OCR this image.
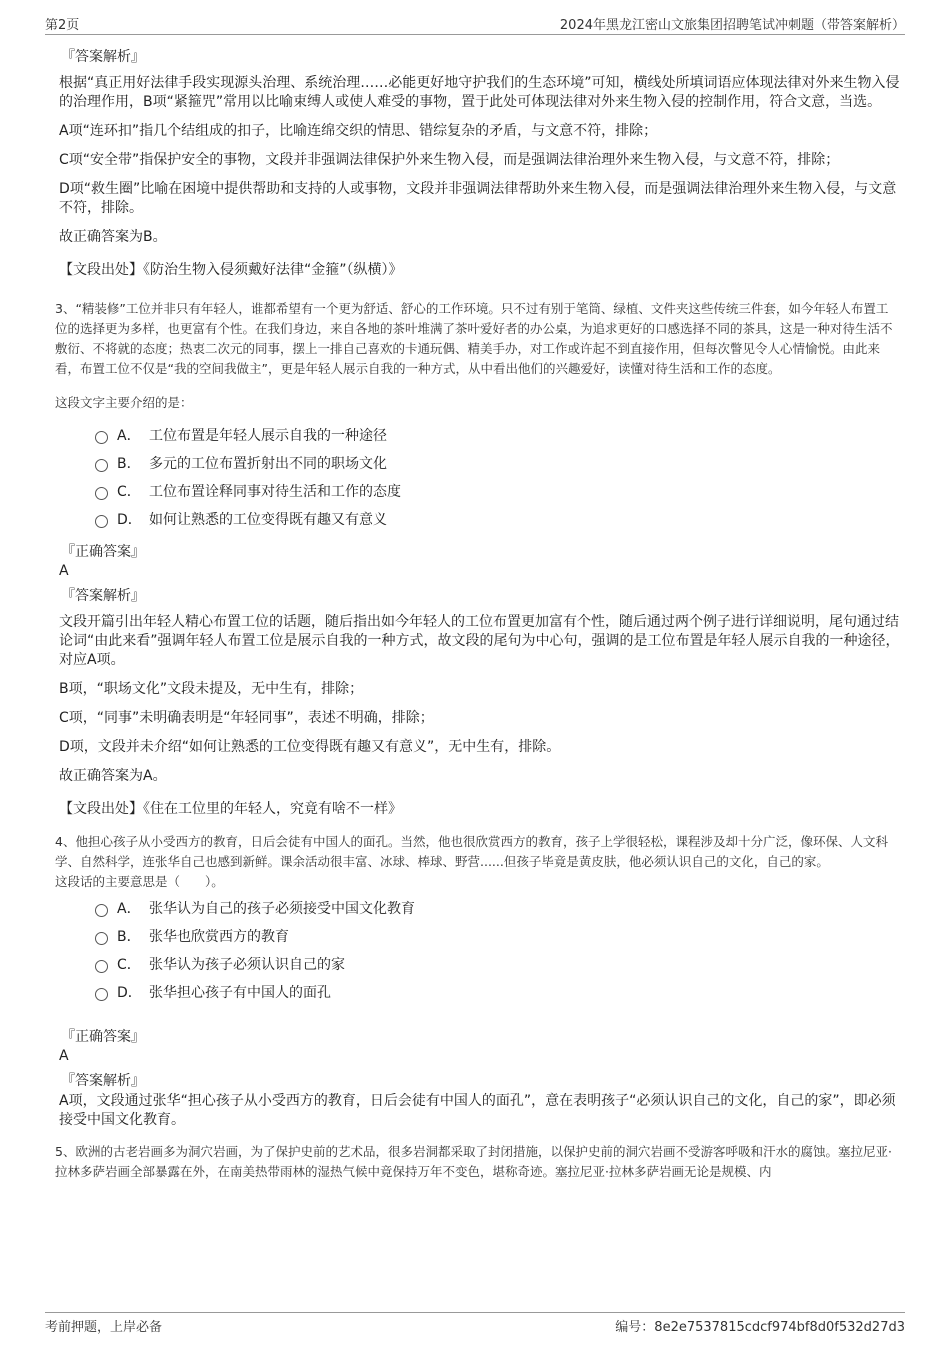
第2页	2024年黑龙江密山文旅集团招聘笔试冲刺题（带答案解析）
『答案解析』

根据“真正用好法律手段实现源头治理、系统治理……必能更好地守护我们的生态环境”可知，横线处所填词语应体现法律对外来生物入侵的治理作用，B项“紧箍咒”常用以比喻束缚人或使人难受的事物，置于此处可体现法律对外来生物入侵的控制作用，符合文意，当选。

A项“连环扣”指几个结组成的扣子，比喻连绵交织的情思、错综复杂的矛盾，与文意不符，排除；

C项“安全带”指保护安全的事物，文段并非强调法律保护外来生物入侵，而是强调法律治理外来生物入侵，与文意不符，排除；

D项“救生圈”比喻在困境中提供帮助和支持的人或事物，文段并非强调法律帮助外来生物入侵，而是强调法律治理外来生物入侵，与文意不符，排除。

故正确答案为B。

【文段出处】《防治生物入侵须戴好法律“金箍”（纵横）》

3、“精装修”工位并非只有年轻人，谁都希望有一个更为舒适、舒心的工作环境。只不过有别于笔筒、绿植、文件夹这些传统三件套，如今年轻人布置工位的选择更为多样，也更富有个性。在我们身边，来自各地的茶叶堆满了茶叶爱好者的办公桌，为追求更好的口感选择不同的茶具，这是一种对待生活不敷衍、不将就的态度；热衷二次元的同事，摆上一排自己喜欢的卡通玩偶、精美手办，对工作或许起不到直接作用，但每次瞥见令人心情愉悦。由此来看，布置工位不仅是“我的空间我做主”，更是年轻人展示自我的一种方式，从中看出他们的兴趣爱好，读懂对待生活和工作的态度。

这段文字主要介绍的是：

A． 工位布置是年轻人展示自我的一种途径
B． 多元的工位布置折射出不同的职场文化
C． 工位布置诠释同事对待生活和工作的态度
D． 如何让熟悉的工位变得既有趣又有意义
『正确答案』
A
『答案解析』

文段开篇引出年轻人精心布置工位的话题，随后指出如今年轻人的工位布置更加富有个性，随后通过两个例子进行详细说明，尾句通过结论词“由此来看”强调年轻人布置工位是展示自我的一种方式，故文段的尾句为中心句，强调的是工位布置是年轻人展示自我的一种途径，对应A项。

B项，“职场文化”文段未提及，无中生有，排除；

C项，“同事”未明确表明是“年轻同事”，表述不明确，排除；

D项，文段并未介绍“如何让熟悉的工位变得既有趣又有意义”，无中生有，排除。

故正确答案为A。

【文段出处】《住在工位里的年轻人，究竟有啥不一样》

4、他担心孩子从小受西方的教育，日后会徒有中国人的面孔。当然，他也很欣赏西方的教育，孩子上学很轻松，课程涉及却十分广泛，像环保、人文科学、自然科学，连张华自己也感到新鲜。课余活动很丰富、冰球、棒球、野营......但孩子毕竟是黄皮肤，他必须认识自己的文化，自己的家。

这段话的主要意思是（　　）。

A． 张华认为自己的孩子必须接受中国文化教育
B． 张华也欣赏西方的教育
C． 张华认为孩子必须认识自己的家
D． 张华担心孩子有中国人的面孔
『正确答案』
A
『答案解析』

A项，文段通过张华“担心孩子从小受西方的教育，日后会徒有中国人的面孔”，意在表明孩子“必须认识自己的文化，自己的家”，即必须接受中国文化教育。

5、欧洲的古老岩画多为洞穴岩画，为了保护史前的艺术品，很多岩洞都采取了封闭措施，以保护史前的洞穴岩画不受游客呼吸和汗水的腐蚀。塞拉尼亚·拉林多萨岩画全部暴露在外，在南美热带雨林的湿热气候中竟保持万年不变色，堪称奇迹。塞拉尼亚·拉林多萨岩画无论是规模、内

考前押题，上岸必备	编号：8e2e7537815cdcf974bf8d0f532d27d3
